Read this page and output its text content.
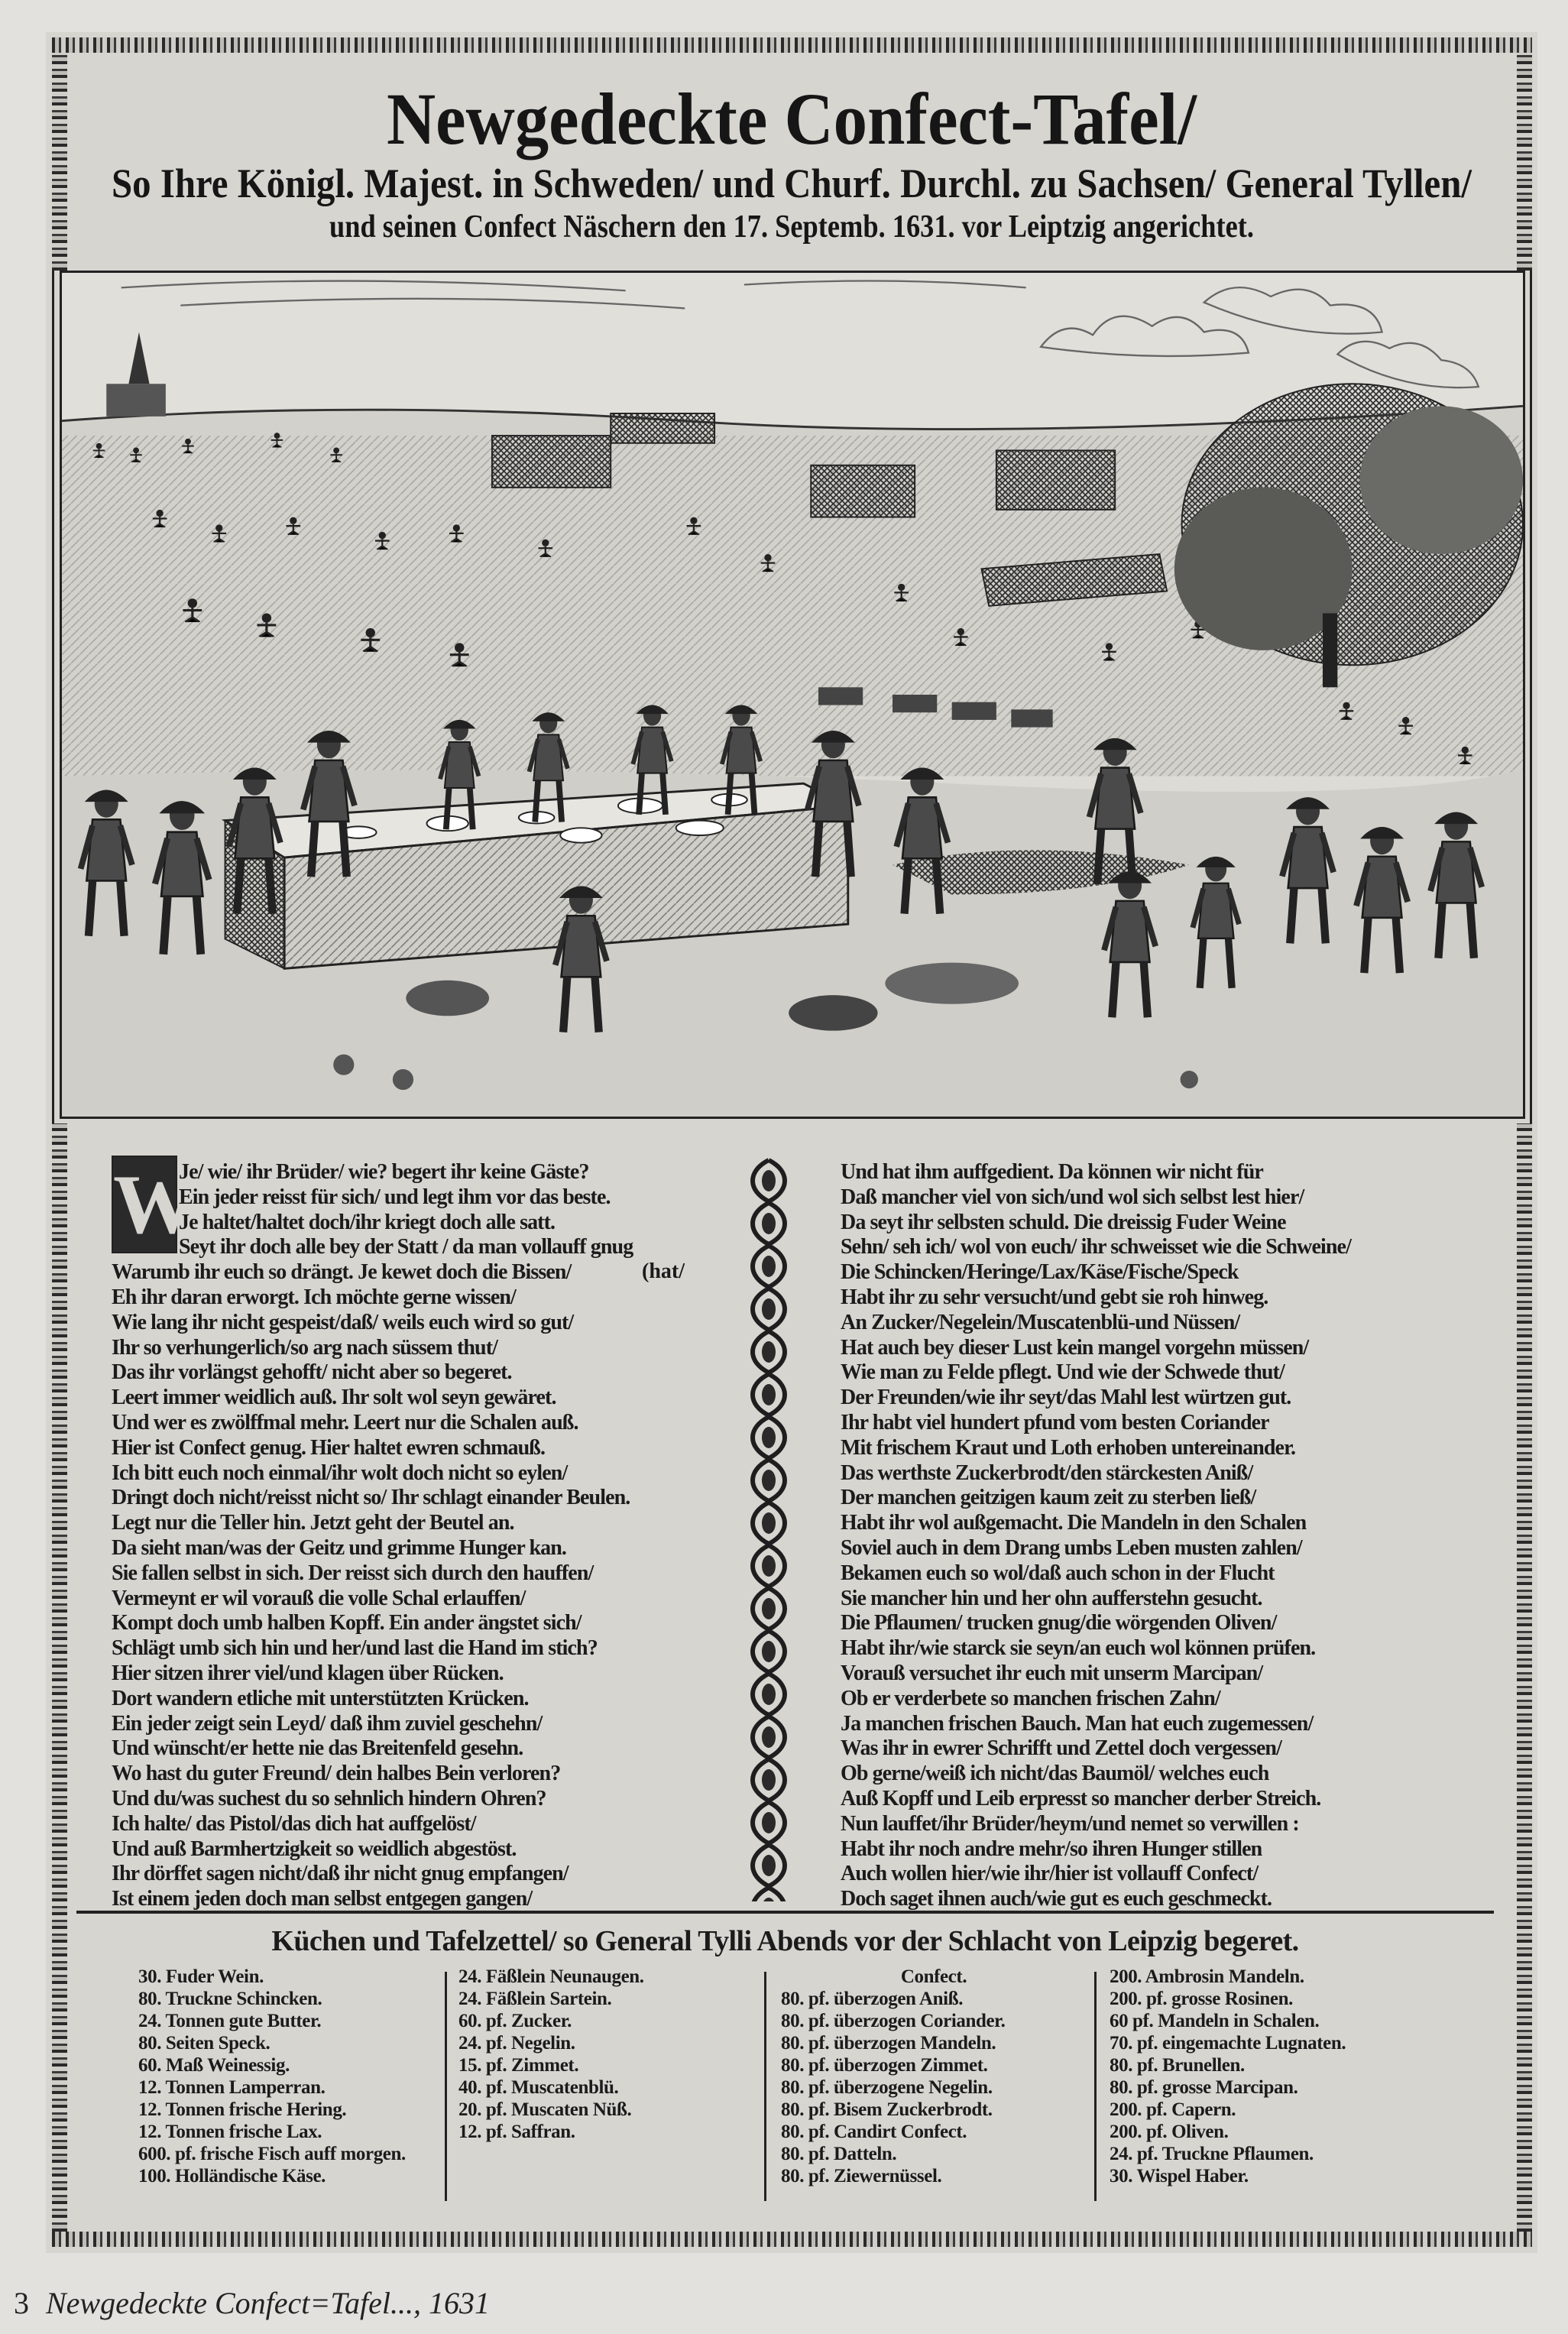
Newgedeckte Confect-Tafel/
So Ihre Königl. Majest. in Schweden/ und Churf. Durchl. zu Sachsen/ General Tyllen/
und seinen Confect Näschern den 17. Septemb. 1631. vor Leiptzig angerichtet.
W
(hat/
Je/ wie/ ihr Brüder/ wie? begert ihr keine Gäste?
Ein jeder reisst für sich/ und legt ihm vor das beste.
Je haltet/haltet doch/ihr kriegt doch alle satt.
Seyt ihr doch alle bey der Statt / da man vollauff gnug
Warumb ihr euch so drängt. Je kewet doch die Bissen/
Eh ihr daran erworgt. Ich möchte gerne wissen/
Wie lang ihr nicht gespeist/daß/ weils euch wird so gut/
Ihr so verhungerlich/so arg nach süssem thut/
Das ihr vorlängst gehofft/ nicht aber so begeret.
Leert immer weidlich auß. Ihr solt wol seyn gewäret.
Und wer es zwölffmal mehr. Leert nur die Schalen auß.
Hier ist Confect genug. Hier haltet ewren schmauß.
Ich bitt euch noch einmal/ihr wolt doch nicht so eylen/
Dringt doch nicht/reisst nicht so/ Ihr schlagt einander Beulen.
Legt nur die Teller hin. Jetzt geht der Beutel an.
Da sieht man/was der Geitz und grimme Hunger kan.
Sie fallen selbst in sich. Der reisst sich durch den hauffen/
Vermeynt er wil vorauß die volle Schal erlauffen/
Kompt doch umb halben Kopff. Ein ander ängstet sich/
Schlägt umb sich hin und her/und last die Hand im stich?
Hier sitzen ihrer viel/und klagen über Rücken.
Dort wandern etliche mit unterstützten Krücken.
Ein jeder zeigt sein Leyd/ daß ihm zuviel geschehn/
Und wünscht/er hette nie das Breitenfeld gesehn.
Wo hast du guter Freund/ dein halbes Bein verloren?
Und du/was suchest du so sehnlich hindern Ohren?
Ich halte/ das Pistol/das dich hat auffgelöst/
Und auß Barmhertzigkeit so weidlich abgestöst.
Ihr dörffet sagen nicht/daß ihr nicht gnug empfangen/
Ist einem jeden doch man selbst entgegen gangen/
Und hat ihm auffgedient. Da können wir nicht für
Daß mancher viel von sich/und wol sich selbst lest hier/
Da seyt ihr selbsten schuld. Die dreissig Fuder Weine
Sehn/ seh ich/ wol von euch/ ihr schweisset wie die Schweine/
Die Schincken/Heringe/Lax/Käse/Fische/Speck
Habt ihr zu sehr versucht/und gebt sie roh hinweg.
An Zucker/Negelein/Muscatenblü-und Nüssen/
Hat auch bey dieser Lust kein mangel vorgehn müssen/
Wie man zu Felde pflegt. Und wie der Schwede thut/
Der Freunden/wie ihr seyt/das Mahl lest würtzen gut.
Ihr habt viel hundert pfund vom besten Coriander
Mit frischem Kraut und Loth erhoben untereinander.
Das werthste Zuckerbrodt/den stärckesten Aniß/
Der manchen geitzigen kaum zeit zu sterben ließ/
Habt ihr wol außgemacht. Die Mandeln in den Schalen
Soviel auch in dem Drang umbs Leben musten zahlen/
Bekamen euch so wol/daß auch schon in der Flucht
Sie mancher hin und her ohn aufferstehn gesucht.
Die Pflaumen/ trucken gnug/die wörgenden Oliven/
Habt ihr/wie starck sie seyn/an euch wol können prüfen.
Vorauß versuchet ihr euch mit unserm Marcipan/
Ob er verderbete so manchen frischen Zahn/
Ja manchen frischen Bauch. Man hat euch zugemessen/
Was ihr in ewrer Schrifft und Zettel doch vergessen/
Ob gerne/weiß ich nicht/das Baumöl/ welches euch
Auß Kopff und Leib erpresst so mancher derber Streich.
Nun lauffet/ihr Brüder/heym/und nemet so verwillen :
Habt ihr noch andre mehr/so ihren Hunger stillen
Auch wollen hier/wie ihr/hier ist vollauff Confect/
Doch saget ihnen auch/wie gut es euch geschmeckt.
Küchen und Tafelzettel/ so General Tylli Abends vor der Schlacht von Leipzig begeret.
30. Fuder Wein.
80. Truckne Schincken.
24. Tonnen gute Butter.
80. Seiten Speck.
60. Maß Weinessig.
12. Tonnen Lamperran.
12. Tonnen frische Hering.
12. Tonnen frische Lax.
600. pf. frische Fisch auff morgen.
100. Holländische Käse.
24. Fäßlein Neunaugen.
24. Fäßlein Sartein.
60. pf. Zucker.
24. pf. Negelin.
15. pf. Zimmet.
40. pf. Muscatenblü.
20. pf. Muscaten Nüß.
12. pf. Saffran.
Confect.
80. pf. überzogen Aniß.
80. pf. überzogen Coriander.
80. pf. überzogen Mandeln.
80. pf. überzogen Zimmet.
80. pf. überzogene Negelin.
80. pf. Bisem Zuckerbrodt.
80. pf. Candirt Confect.
80. pf. Datteln.
80. pf. Ziewernüssel.
200. Ambrosin Mandeln.
200. pf. grosse Rosinen.
60 pf. Mandeln in Schalen.
70. pf. eingemachte Lugnaten.
80. pf. Brunellen.
80. pf. grosse Marcipan.
200. pf. Capern.
200. pf. Oliven.
24. pf. Truckne Pflaumen.
30. Wispel Haber.
3 Newgedeckte Confect=Tafel..., 1631
